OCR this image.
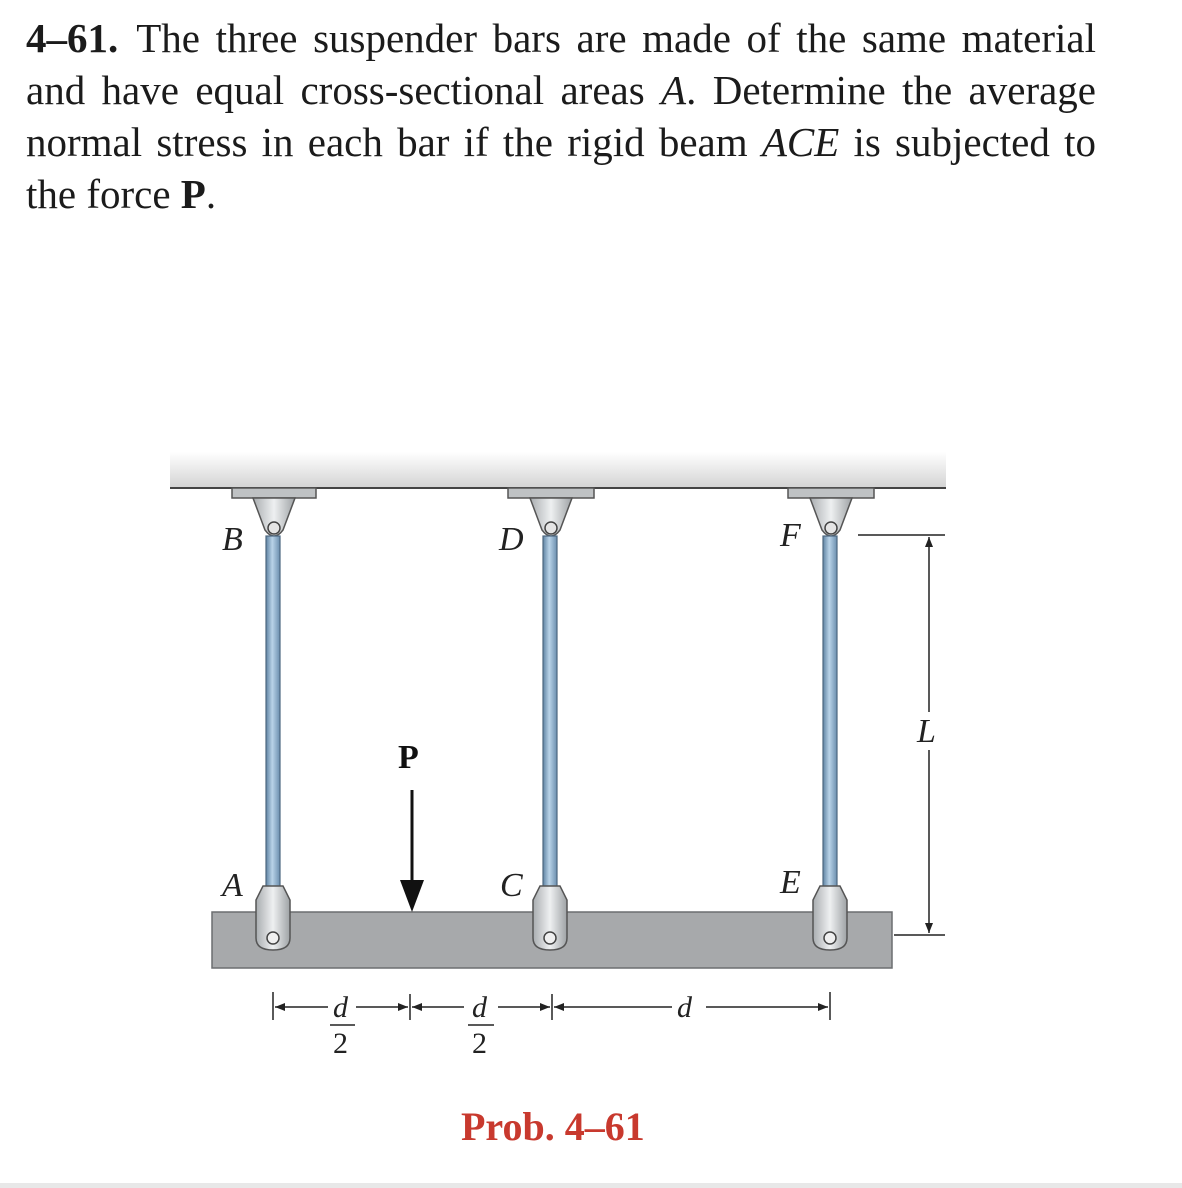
4–61. The three suspender bars are made of the same material and have equal cross-sectional areas A. Determine the average normal stress in each bar if the rigid beam ACE is subjected to the force P.
B	D	F
A	C	E
L
d	d	d
2	2
P
Prob. 4–61
